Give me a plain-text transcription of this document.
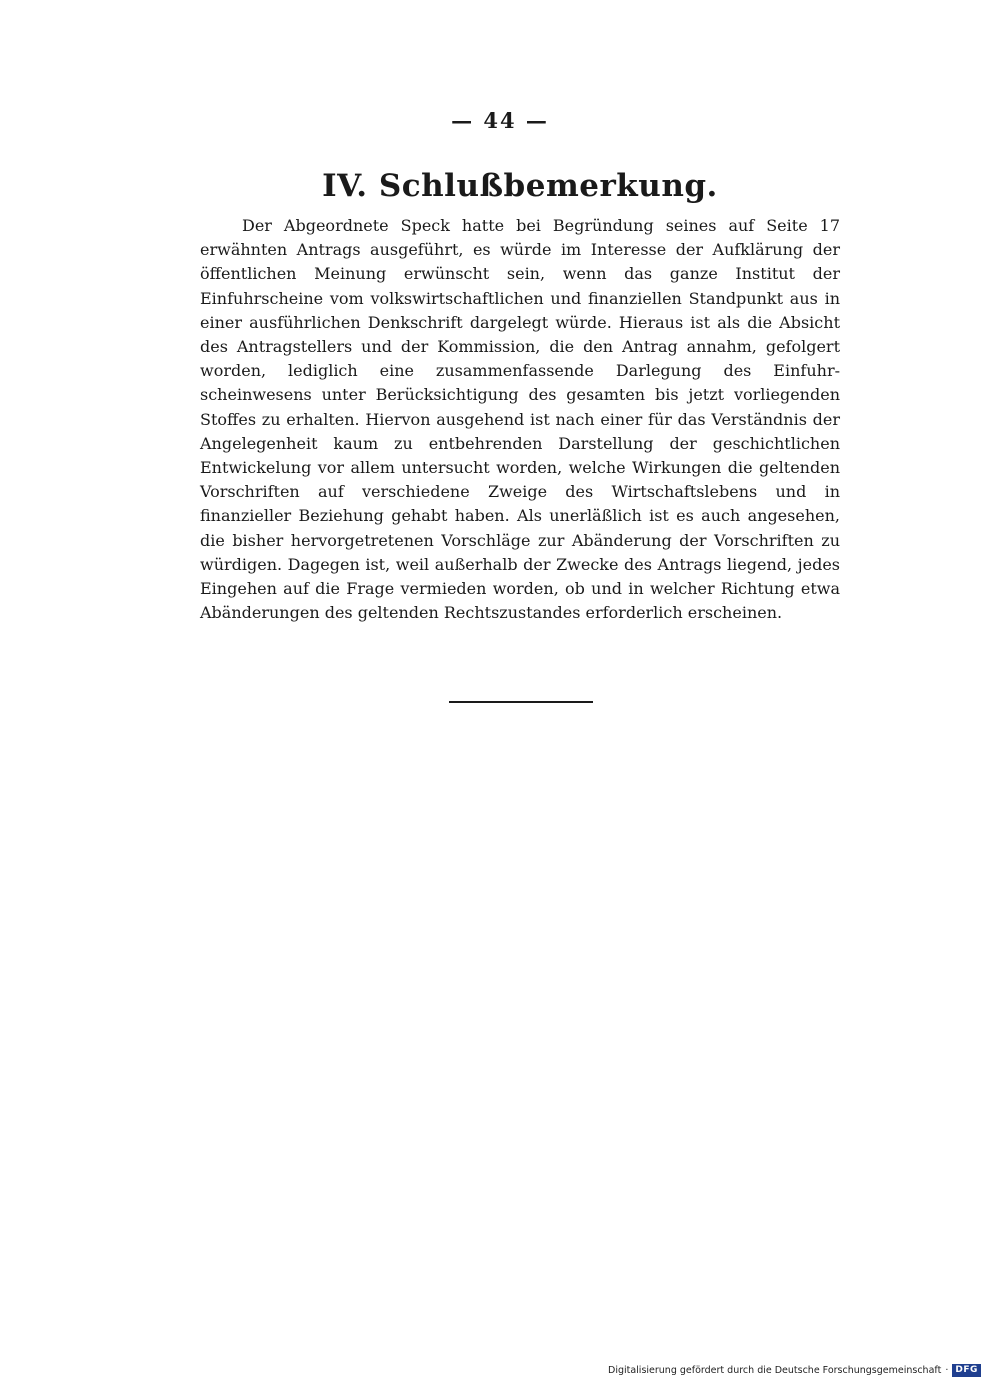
— 44 —
IV. Schlußbemerkung.

Der Abgeordnete Speck hatte bei Begründung seines auf Seite 17 erwähnten Antrags ausgeführt, es würde im Interesse der Aufklärung der öffentlichen Meinung erwünscht sein, wenn das ganze Institut der Einfuhrscheine vom volkswirtschaftlichen und finanziellen Standpunkt aus in einer ausführlichen Denkschrift dargelegt würde. Hieraus ist als die Absicht des Antragstellers und der Kommission, die den Antrag annahm, gefolgert worden, lediglich eine zusammenfassende Darlegung des Einfuhrscheinwesens unter Berücksichtigung des gesamten bis jetzt vorliegenden Stoffes zu erhalten. Hiervon ausgehend ist nach einer für das Verständnis der Angelegenheit kaum zu entbehrenden Darstellung der geschichtlichen Entwickelung vor allem untersucht worden, welche Wirkungen die geltenden Vorschriften auf verschiedene Zweige des Wirtschaftslebens und in finanzieller Beziehung gehabt haben. Als unerläßlich ist es auch angesehen, die bisher hervorgetretenen Vorschläge zur Abänderung der Vorschriften zu würdigen. Dagegen ist, weil außerhalb der Zwecke des Antrags liegend, jedes Eingehen auf die Frage vermieden worden, ob und in welcher Richtung etwa Abänderungen des geltenden Rechtszustandes erforderlich erscheinen.

Digitalisierung gefördert durch die Deutsche Forschungsgemeinschaft · DFG
